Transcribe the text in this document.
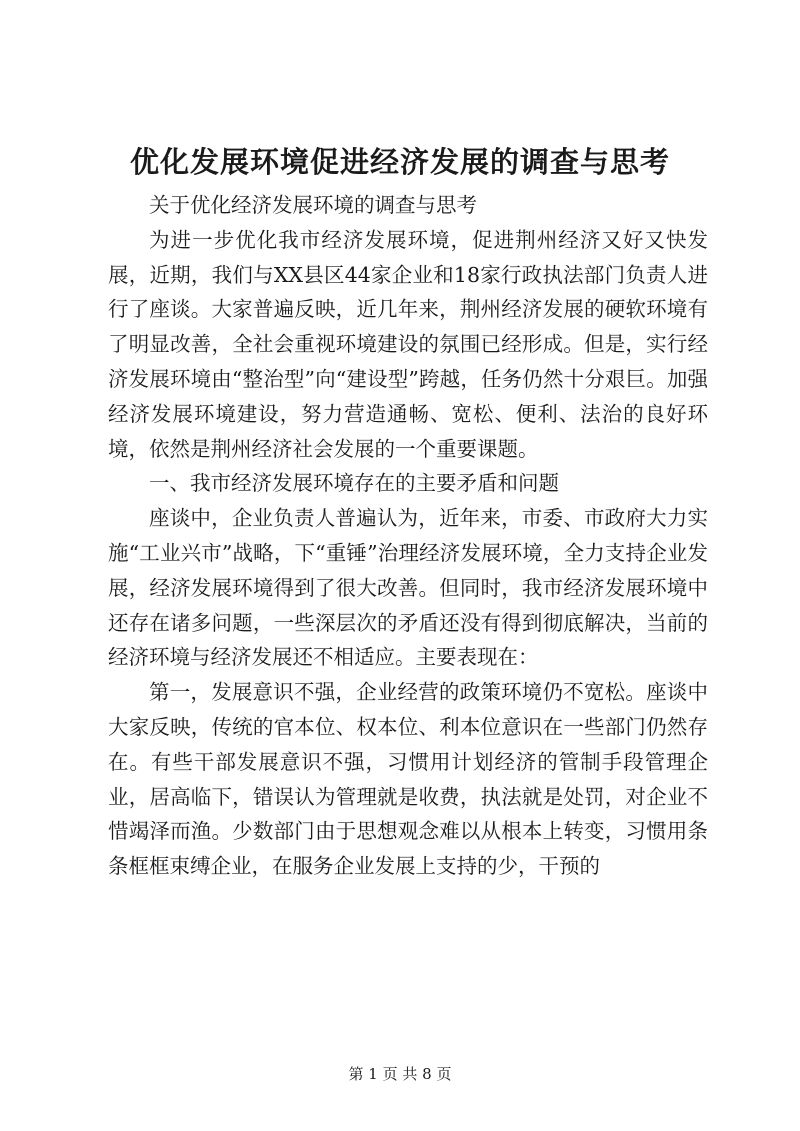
优化发展环境促进经济发展的调查与思考

关于优化经济发展环境的调查与思考

为进一步优化我市经济发展环境，促进荆州经济又好又快发展，近期，我们与XX县区44家企业和18家行政执法部门负责人进行了座谈。大家普遍反映，近几年来，荆州经济发展的硬软环境有了明显改善，全社会重视环境建设的氛围已经形成。但是，实行经济发展环境由“整治型”向“建设型”跨越，任务仍然十分艰巨。加强经济发展环境建设，努力营造通畅、宽松、便利、法治的良好环境，依然是荆州经济社会发展的一个重要课题。

一、我市经济发展环境存在的主要矛盾和问题

座谈中，企业负责人普遍认为，近年来，市委、市政府大力实施“工业兴市”战略，下“重锤”治理经济发展环境，全力支持企业发展，经济发展环境得到了很大改善。但同时，我市经济发展环境中还存在诸多问题，一些深层次的矛盾还没有得到彻底解决，当前的经济环境与经济发展还不相适应。主要表现在：

第一，发展意识不强，企业经营的政策环境仍不宽松。座谈中大家反映，传统的官本位、权本位、利本位意识在一些部门仍然存在。有些干部发展意识不强，习惯用计划经济的管制手段管理企业，居高临下，错误认为管理就是收费，执法就是处罚，对企业不惜竭泽而渔。少数部门由于思想观念难以从根本上转变，习惯用条条框框束缚企业，在服务企业发展上支持的少，干预的

第 1 页 共 8 页
